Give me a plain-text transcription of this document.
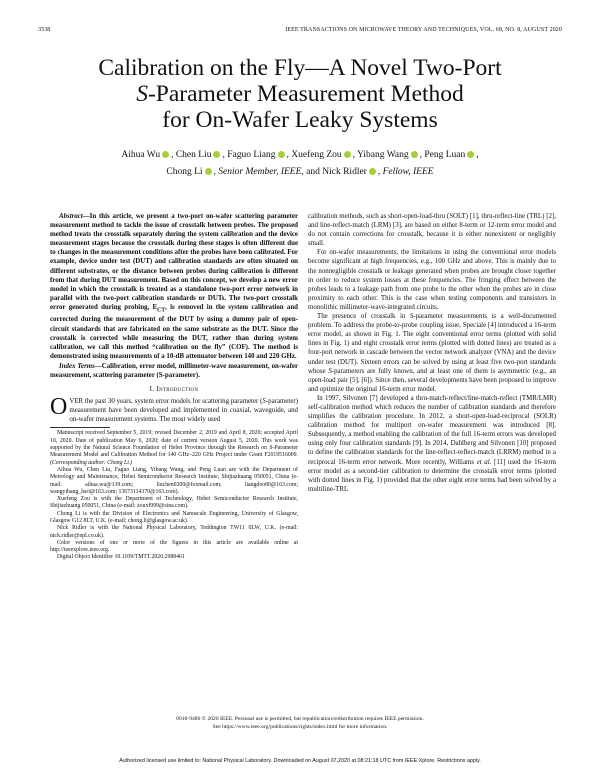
3538	IEEE TRANSACTIONS ON MICROWAVE THEORY AND TECHNIQUES, VOL. 68, NO. 8, AUGUST 2020
Calibration on the Fly—A Novel Two-Port
S-Parameter Measurement Method
for On-Wafer Leaky Systems
Aihua Wu , Chen Liu , Faguo Liang , Xuefeng Zou , Yibang Wang , Peng Luan ,
Chong Li , Senior Member, IEEE, and Nick Ridler , Fellow, IEEE

Abstract—In this article, we present a two-port on-wafer scattering parameter measurement method to tackle the issue of crosstalk between probes. The proposed method treats the crosstalk separately during the system calibration and the device measurement stages because the crosstalk during these stages is often different due to changes in the measurement conditions after the probes have been calibrated. For example, device under test (DUT) and calibration standards are often situated on different substrates, or the distance between probes during calibration is different from that during DUT measurement. Based on this concept, we develop a new error model in which the crosstalk is treated as a standalone two-port error network in parallel with the two-port calibration standards or DUTs. The two-port crosstalk error generated during probing, $E_{CT}$, is removed in the system calibration and corrected during the measurement of the DUT by using a dummy pair of open-circuit standards that are fabricated on the same substrate as the DUT. Since the crosstalk is corrected while measuring the DUT, rather than during system calibration, we call this method “calibration on the fly” (COF). The method is demonstrated using measurements of a 10-dB attenuator between 140 and 220 GHz.

Index Terms—Calibration, error model, millimeter-wave measurement, on-wafer measurement, scattering parameter (S-parameter).

I. Introduction

OVER the past 30 years, system error models for scattering parameter (S-parameter) measurement have been developed and implemented in coaxial, waveguide, and on-wafer measurement systems. The most widely used

Manuscript received September 5, 2019; revised December 2, 2019 and April 8, 2020; accepted April 10, 2020. Date of publication May 6, 2020; date of current version August 5, 2020. This work was supported by the Natural Science Foundation of Hebei Province through the Research on S-Parameter Measurement Model and Calibration Method for 140 GHz–220 GHz Project under Grant F2019516009. (Corresponding author: Chong Li.)

Aihua Wu, Chen Liu, Faguo Liang, Yibang Wang, and Peng Luan are with the Department of Metrology and Maintenance, Hebei Semiconductor Research Institute, Shijiazhuang 050051, China (e-mail: aihua.wu@139.com; liuchen0209@foxmail.com; liangdoo80@163.com; wangyibang_hsri@163.com; 13673114370@163.com).

Xuefeng Zou is with the Department of Technology, Hebei Semiconductor Research Institute, Shijiazhuang 050051, China (e-mail: zouxf999@sina.com).

Chong Li is with the Division of Electronics and Nanoscale Engineering, University of Glasgow, Glasgow G12 8LT, U.K. (e-mail: chong.li@glasgow.ac.uk).

Nick Ridler is with the National Physical Laboratory, Teddington TW11 0LW, U.K. (e-mail: nick.ridler@npl.co.uk).

Color versions of one or more of the figures in this article are available online at http://ieeexplore.ieee.org.

Digital Object Identifier 10.1109/TMTT.2020.2988461

calibration methods, such as short-open-load-thru (SOLT) [1], thru-reflect-line (TRL) [2], and line-reflect-match (LRM) [3], are based on either 8-term or 12-term error model and do not contain corrections for crosstalk, because it is either nonexistent or negligibly small.

For on-wafer measurements, the limitations in using the conventional error models become significant at high frequencies, e.g., 100 GHz and above. This is mainly due to the nonnegligible crosstalk or leakage generated when probes are brought closer together in order to reduce system losses at these frequencies. The fringing effect between the probes leads to a leakage path from one probe to the other when the probes are in close proximity to each other. This is the case when testing components and transistors in monolithic millimeter-wave-integrated circuits.

The presence of crosstalk in S-parameter measurements is a well-documented problem. To address the probe-to-probe coupling issue, Speciale [4] introduced a 16-term error model, as shown in Fig. 1. The eight conventional error terms (plotted with solid lines in Fig. 1) and eight crosstalk error terms (plotted with dotted lines) are treated as a four-port network in cascade between the vector network analyzer (VNA) and the device under test (DUT). Sixteen errors can be solved by using at least five two-port standards whose S-parameters are fully known, and at least one of them is asymmetric (e.g., an open-load pair [5], [6]). Since then, several developments have been proposed to improve and optimize the original 16-term error model.

In 1997, Silvonen [7] developed a thru-match-reflect/line-match-reflect (TMR/LMR) self-calibration method which reduces the number of calibration standards and therefore simplifies the calibration procedure. In 2012, a short-open-load-reciprocal (SOLR) calibration method for multiport on-wafer measurement was introduced [8]. Subsequently, a method enabling the calibration of the full 16-term errors was developed using only four calibration standards [9]. In 2014, Dahlberg and Silvonen [10] proposed to define the calibration standards for the line-reflect-reflect-match (LRRM) method in a reciprocal 16-term error network. More recently, Williams et al. [11] used the 16-term error model as a second-tier calibration to determine the crosstalk error terms (plotted with dotted lines in Fig. 1) provided that the other eight error terms had been solved by a multiline-TRL

0018-9480 © 2020 IEEE. Personal use is permitted, but republication/redistribution requires IEEE permission.
See https://www.ieee.org/publications/rights/index.html for more information.
Authorized licensed use limited to: National Physical Laboratory. Downloaded on August 07,2020 at 08:21:18 UTC from IEEE Xplore. Restrictions apply.
